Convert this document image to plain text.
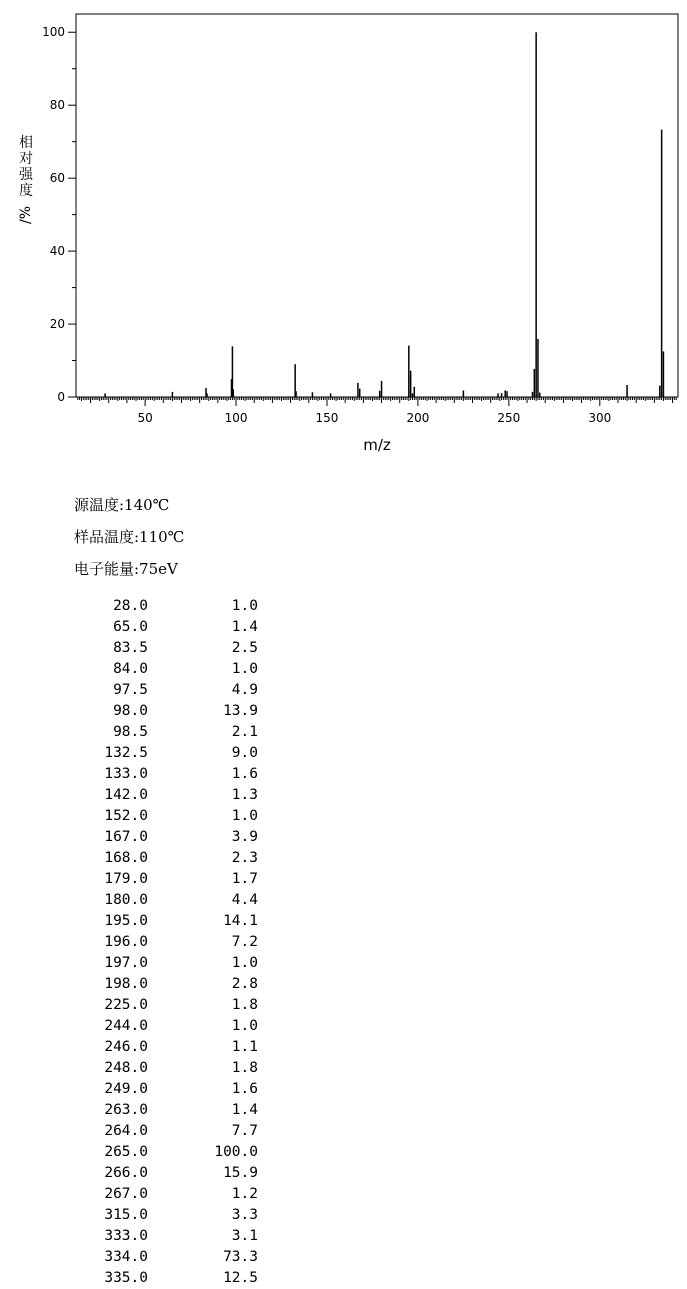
0
20
40
60
80
100
50	100	150	200	250	300
m/z
相
对
强
度
/%
源温度:140℃
样品温度:110℃
电子能量:75eV
28.0	1.0
65.0	1.4
83.5	2.5
84.0	1.0
97.5	4.9
98.0	13.9
98.5	2.1
132.5	9.0
133.0	1.6
142.0	1.3
152.0	1.0
167.0	3.9
168.0	2.3
179.0	1.7
180.0	4.4
195.0	14.1
196.0	7.2
197.0	1.0
198.0	2.8
225.0	1.8
244.0	1.0
246.0	1.1
248.0	1.8
249.0	1.6
263.0	1.4
264.0	7.7
265.0	100.0
266.0	15.9
267.0	1.2
315.0	3.3
333.0	3.1
334.0	73.3
335.0	12.5
